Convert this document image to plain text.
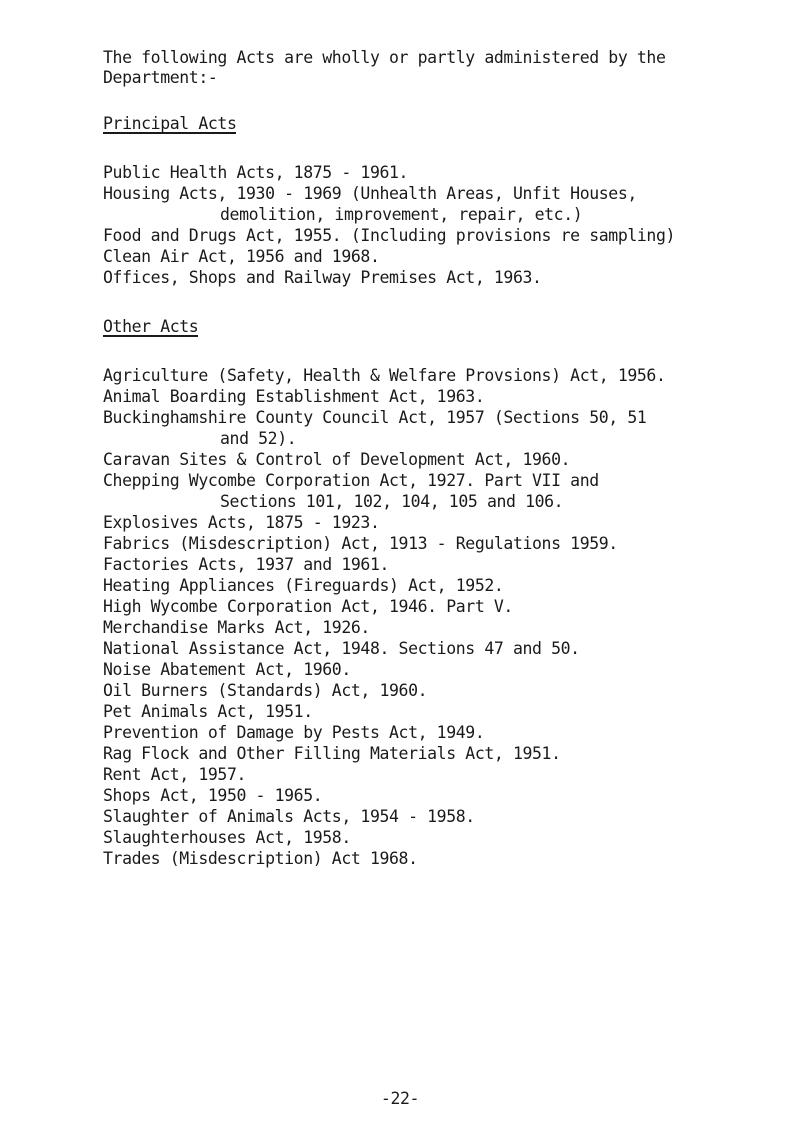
The following Acts are wholly or partly administered by the
Department:-
Principal Acts
Public Health Acts, 1875 - 1961.
Housing Acts, 1930 - 1969 (Unhealth Areas, Unfit Houses,
demolition, improvement, repair, etc.)
Food and Drugs Act, 1955. (Including provisions re sampling)
Clean Air Act, 1956 and 1968.
Offices, Shops and Railway Premises Act, 1963.
Other Acts
Agriculture (Safety, Health & Welfare Provsions) Act, 1956.
Animal Boarding Establishment Act, 1963.
Buckinghamshire County Council Act, 1957 (Sections 50, 51
and 52).
Caravan Sites & Control of Development Act, 1960.
Chepping Wycombe Corporation Act, 1927. Part VII and
Sections 101, 102, 104, 105 and 106.
Explosives Acts, 1875 - 1923.
Fabrics (Misdescription) Act, 1913 - Regulations 1959.
Factories Acts, 1937 and 1961.
Heating Appliances (Fireguards) Act, 1952.
High Wycombe Corporation Act, 1946. Part V.
Merchandise Marks Act, 1926.
National Assistance Act, 1948. Sections 47 and 50.
Noise Abatement Act, 1960.
Oil Burners (Standards) Act, 1960.
Pet Animals Act, 1951.
Prevention of Damage by Pests Act, 1949.
Rag Flock and Other Filling Materials Act, 1951.
Rent Act, 1957.
Shops Act, 1950 - 1965.
Slaughter of Animals Acts, 1954 - 1958.
Slaughterhouses Act, 1958.
Trades (Misdescription) Act 1968.
-22-
